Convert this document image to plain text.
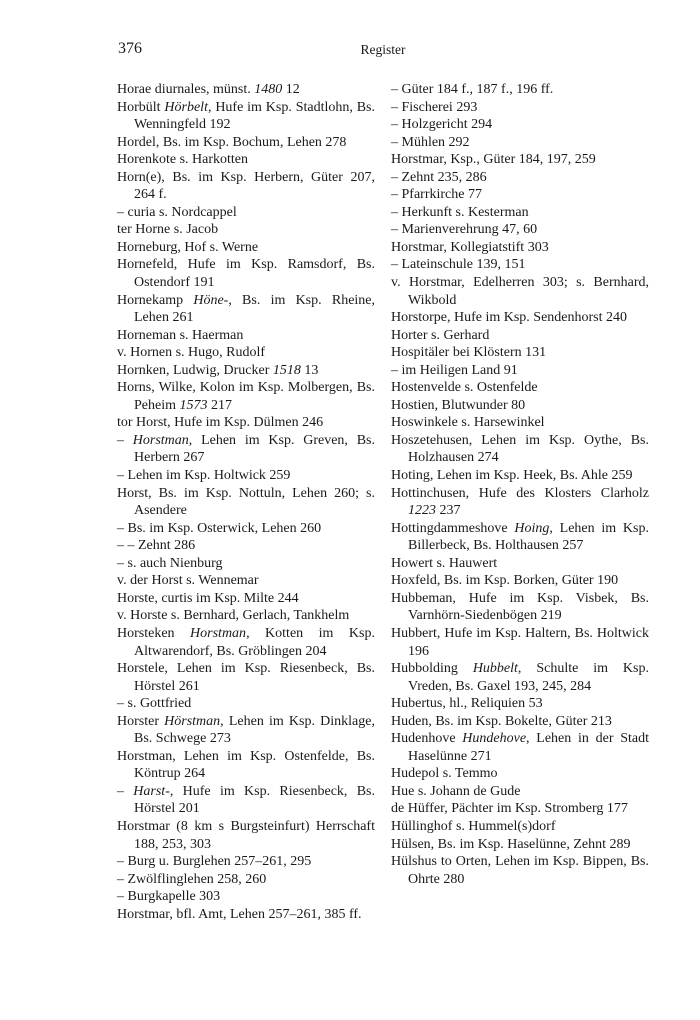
376	Register
Horae diurnales, münst. 1480 12
Horbült Hörbelt, Hufe im Ksp. Stadtlohn, Bs. Wenningfeld 192
Hordel, Bs. im Ksp. Bochum, Lehen 278
Horenkote s. Harkotten
Horn(e), Bs. im Ksp. Herbern, Güter 207, 264 f.
– curia s. Nordcappel
ter Horne s. Jacob
Horneburg, Hof s. Werne
Hornefeld, Hufe im Ksp. Ramsdorf, Bs. Ostendorf 191
Hornekamp Höne-, Bs. im Ksp. Rheine, Lehen 261
Horneman s. Haerman
v. Hornen s. Hugo, Rudolf
Hornken, Ludwig, Drucker 1518 13
Horns, Wilke, Kolon im Ksp. Molbergen, Bs. Peheim 1573 217
tor Horst, Hufe im Ksp. Dülmen 246
– Horstman, Lehen im Ksp. Greven, Bs. Herbern 267
– Lehen im Ksp. Holtwick 259
Horst, Bs. im Ksp. Nottuln, Lehen 260; s. Asendere
– Bs. im Ksp. Osterwick, Lehen 260
– – Zehnt 286
– s. auch Nienburg
v. der Horst s. Wennemar
Horste, curtis im Ksp. Milte 244
v. Horste s. Bernhard, Gerlach, Tankhelm
Horsteken Horstman, Kotten im Ksp. Altwarendorf, Bs. Gröblingen 204
Horstele, Lehen im Ksp. Riesenbeck, Bs. Hörstel 261
– s. Gottfried
Horster Hörstman, Lehen im Ksp. Dinklage, Bs. Schwege 273
Horstman, Lehen im Ksp. Ostenfelde, Bs. Köntrup 264
– Harst-, Hufe im Ksp. Riesenbeck, Bs. Hörstel 201
Horstmar (8 km s Burgsteinfurt) Herrschaft 188, 253, 303
– Burg u. Burglehen 257–261, 295
– Zwölflinglehen 258, 260
– Burgkapelle 303
Horstmar, bfl. Amt, Lehen 257–261, 385 ff.
– Güter 184 f., 187 f., 196 ff.
– Fischerei 293
– Holzgericht 294
– Mühlen 292
Horstmar, Ksp., Güter 184, 197, 259
– Zehnt 235, 286
– Pfarrkirche 77
– Herkunft s. Kesterman
– Marienverehrung 47, 60
Horstmar, Kollegiatstift 303
– Lateinschule 139, 151
v. Horstmar, Edelherren 303; s. Bernhard, Wikbold
Horstorpe, Hufe im Ksp. Sendenhorst 240
Horter s. Gerhard
Hospitäler bei Klöstern 131
– im Heiligen Land 91
Hostenvelde s. Ostenfelde
Hostien, Blutwunder 80
Hoswinkele s. Harsewinkel
Hoszetehusen, Lehen im Ksp. Oythe, Bs. Holzhausen 274
Hoting, Lehen im Ksp. Heek, Bs. Ahle 259
Hottinchusen, Hufe des Klosters Clarholz 1223 237
Hottingdammeshove Hoing, Lehen im Ksp. Billerbeck, Bs. Holthausen 257
Howert s. Hauwert
Hoxfeld, Bs. im Ksp. Borken, Güter 190
Hubbeman, Hufe im Ksp. Visbek, Bs. Varnhörn-Siedenbögen 219
Hubbert, Hufe im Ksp. Haltern, Bs. Holtwick 196
Hubbolding Hubbelt, Schulte im Ksp. Vreden, Bs. Gaxel 193, 245, 284
Hubertus, hl., Reliquien 53
Huden, Bs. im Ksp. Bokelte, Güter 213
Hudenhove Hundehove, Lehen in der Stadt Haselünne 271
Hudepol s. Temmo
Hue s. Johann de Gude
de Hüffer, Pächter im Ksp. Stromberg 177
Hüllinghof s. Hummel(s)dorf
Hülsen, Bs. im Ksp. Haselünne, Zehnt 289
Hülshus to Orten, Lehen im Ksp. Bippen, Bs. Ohrte 280
